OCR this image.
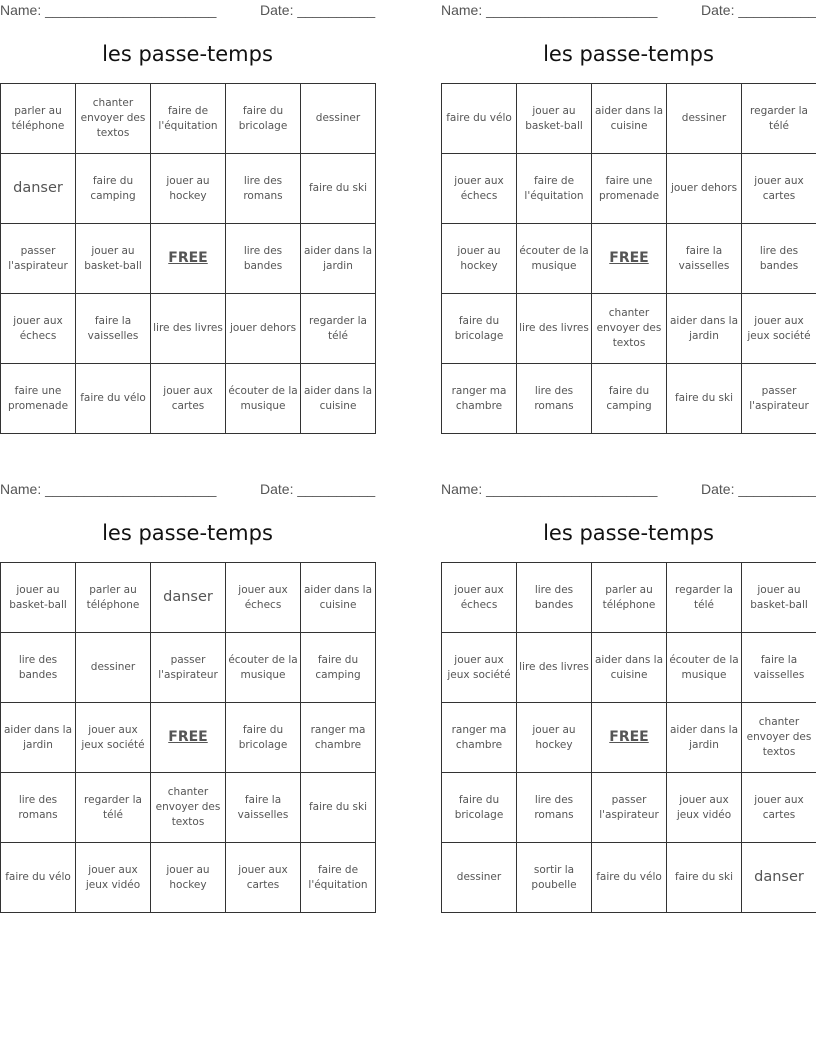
Name: ______________________	Date: __________
les passe-temps
parler au téléphone	chanter envoyer des textos	faire de l'équitation	faire du bricolage	dessiner
danser	faire du camping	jouer au hockey	lire des romans	faire du ski
passer l'aspirateur	jouer au basket-ball	FREE	lire des bandes	aider dans la jardin
jouer aux échecs	faire la vaisselles	lire des livres	jouer dehors	regarder la télé
faire une promenade	faire du vélo	jouer aux cartes	écouter de la musique	aider dans la cuisine
Name: ______________________	Date: __________
les passe-temps
faire du vélo	jouer au basket-ball	aider dans la cuisine	dessiner	regarder la télé
jouer aux échecs	faire de l'équitation	faire une promenade	jouer dehors	jouer aux cartes
jouer au hockey	écouter de la musique	FREE	faire la vaisselles	lire des bandes
faire du bricolage	lire des livres	chanter envoyer des textos	aider dans la jardin	jouer aux jeux société
ranger ma chambre	lire des romans	faire du camping	faire du ski	passer l'aspirateur
Name: ______________________	Date: __________
les passe-temps
jouer au basket-ball	parler au téléphone	danser	jouer aux échecs	aider dans la cuisine
lire des bandes	dessiner	passer l'aspirateur	écouter de la musique	faire du camping
aider dans la jardin	jouer aux jeux société	FREE	faire du bricolage	ranger ma chambre
lire des romans	regarder la télé	chanter envoyer des textos	faire la vaisselles	faire du ski
faire du vélo	jouer aux jeux vidéo	jouer au hockey	jouer aux cartes	faire de l'équitation
Name: ______________________	Date: __________
les passe-temps
jouer aux échecs	lire des bandes	parler au téléphone	regarder la télé	jouer au basket-ball
jouer aux jeux société	lire des livres	aider dans la cuisine	écouter de la musique	faire la vaisselles
ranger ma chambre	jouer au hockey	FREE	aider dans la jardin	chanter envoyer des textos
faire du bricolage	lire des romans	passer l'aspirateur	jouer aux jeux vidéo	jouer aux cartes
dessiner	sortir la poubelle	faire du vélo	faire du ski	danser
